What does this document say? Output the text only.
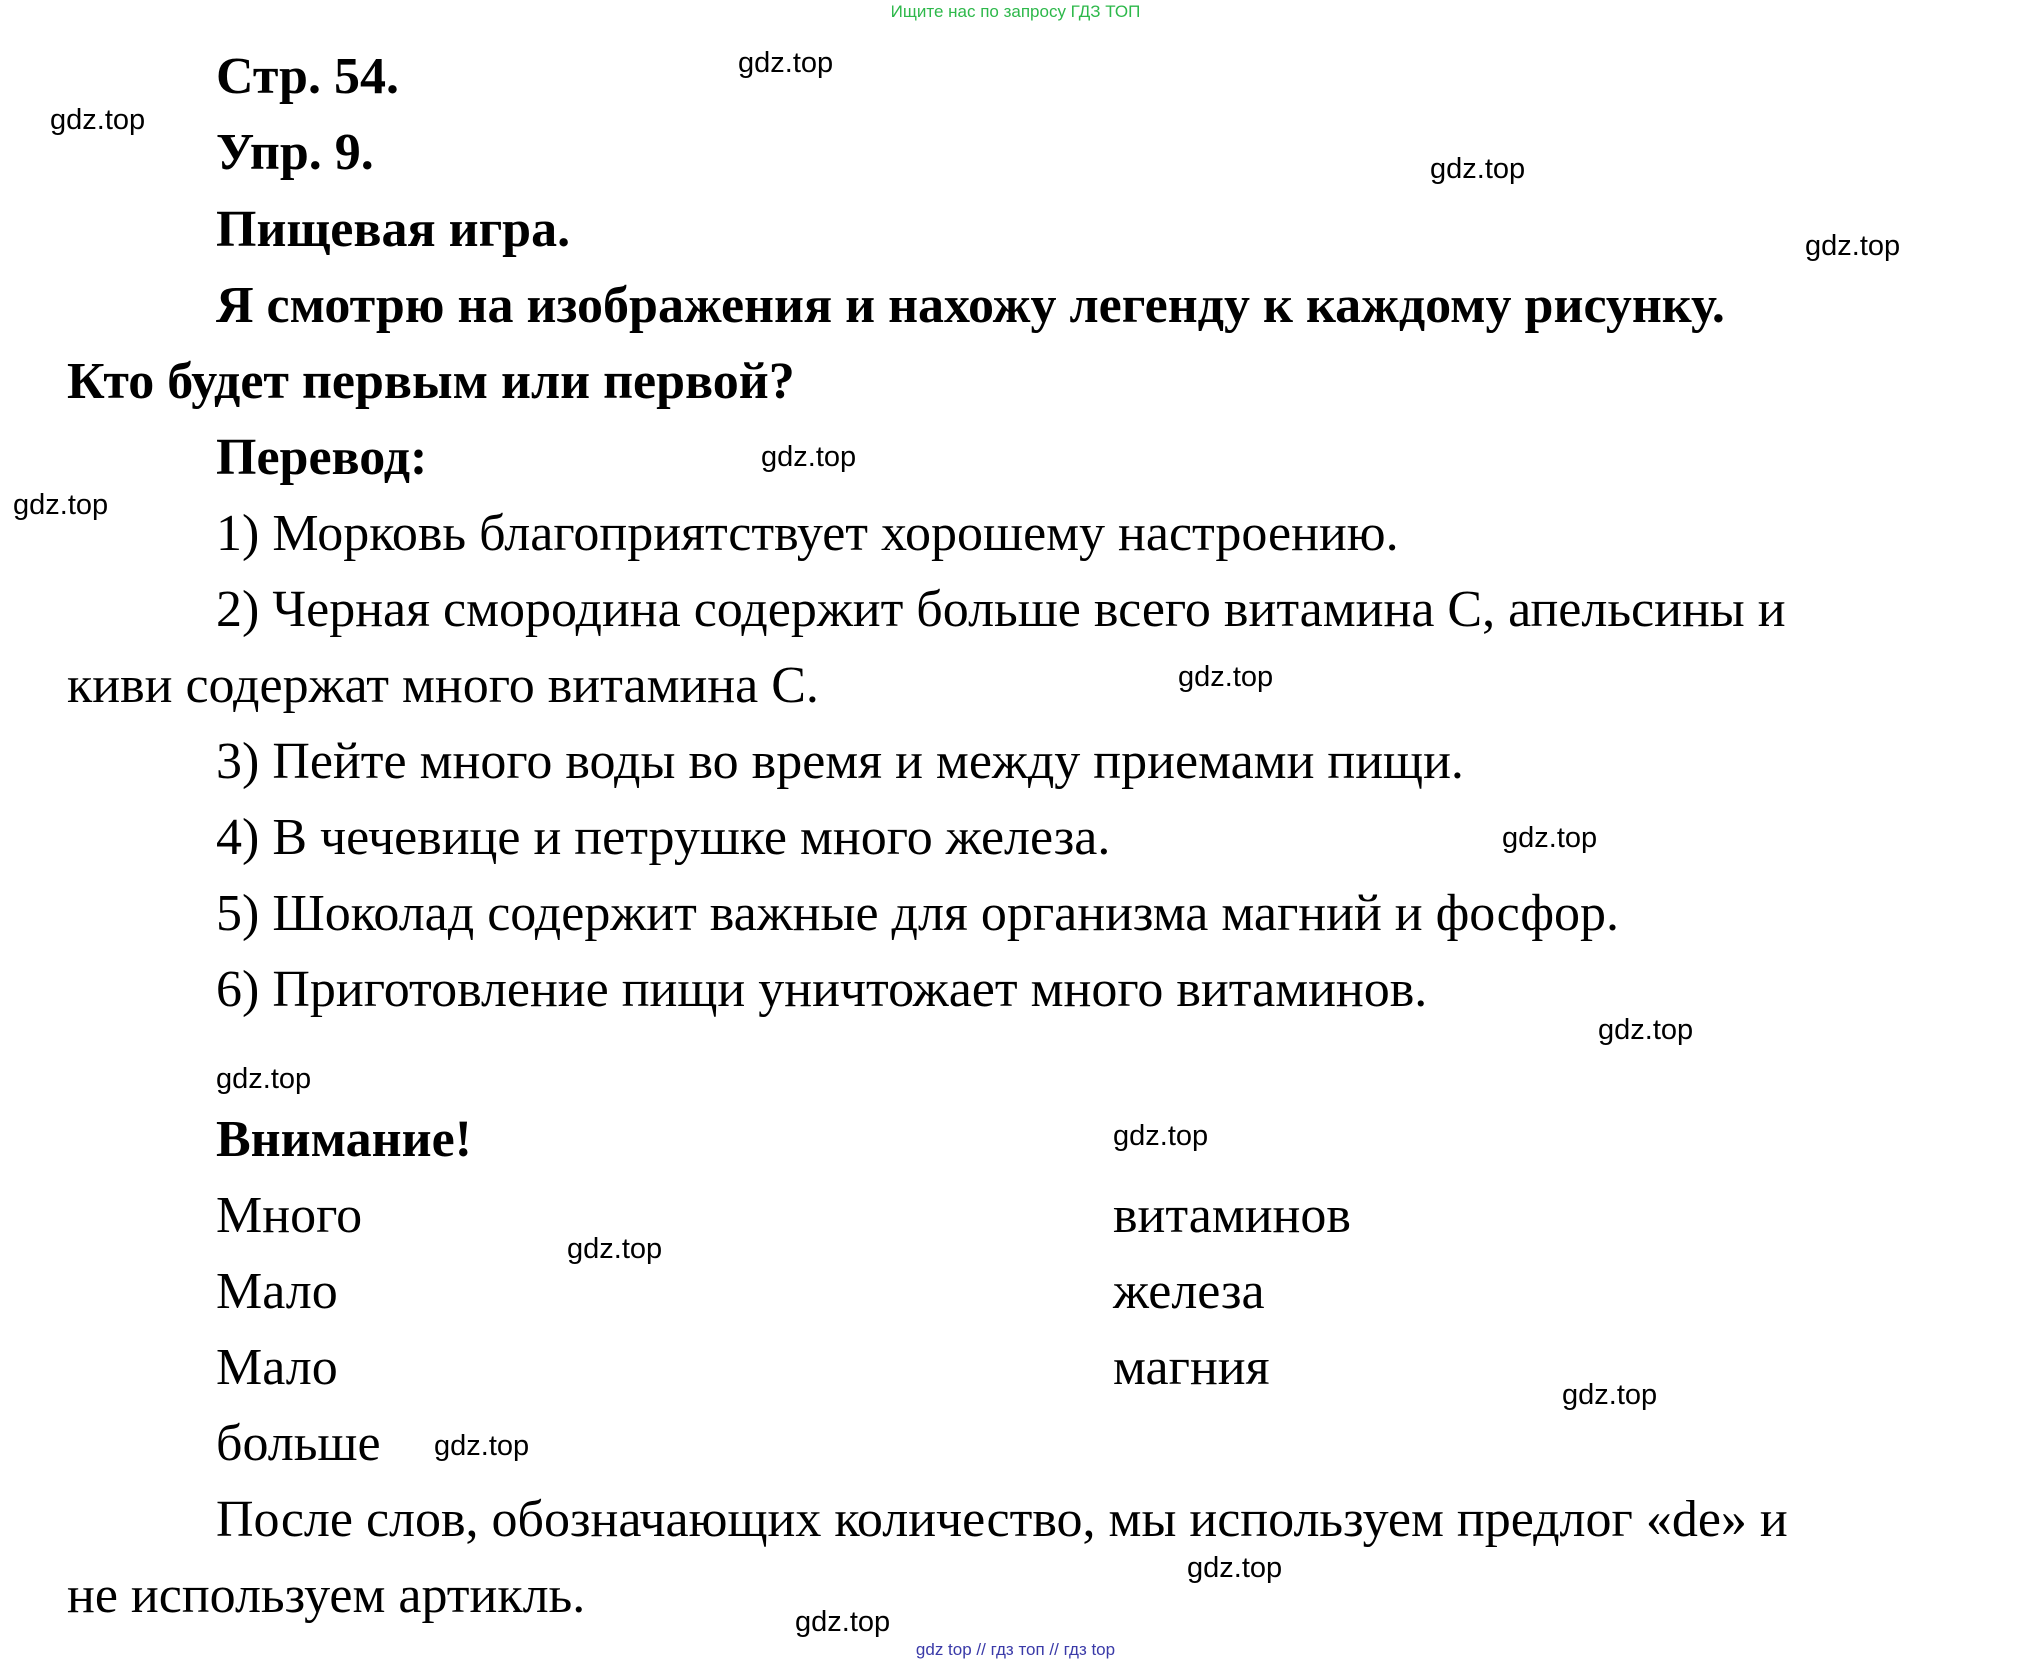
Ищите нас по запросу ГДЗ ТОП
Стр. 54.
Упр. 9.
Пищевая игра.
Я смотрю на изображения и нахожу легенду к каждому рисунку.
Кто будет первым или первой?
Перевод:
1) Морковь благоприятствует хорошему настроению.
2) Черная смородина содержит больше всего витамина С, апельсины и
киви содержат много витамина С.
3) Пейте много воды во время и между приемами пищи.
4) В чечевице и петрушке много железа.
5) Шоколад содержит важные для организма магний и фосфор.
6) Приготовление пищи уничтожает много витаминов.
Внимание!
Много	витаминов
Мало	железа
Мало	магния
больше
После слов, обозначающих количество, мы используем предлог «de» и
не используем артикль.
gdz.top
gdz.top
gdz.top
gdz.top
gdz.top
gdz.top
gdz.top
gdz.top
gdz.top
gdz.top
gdz.top
gdz.top
gdz.top
gdz.top
gdz.top
gdz.top
gdz top // гдз топ // гдз top
